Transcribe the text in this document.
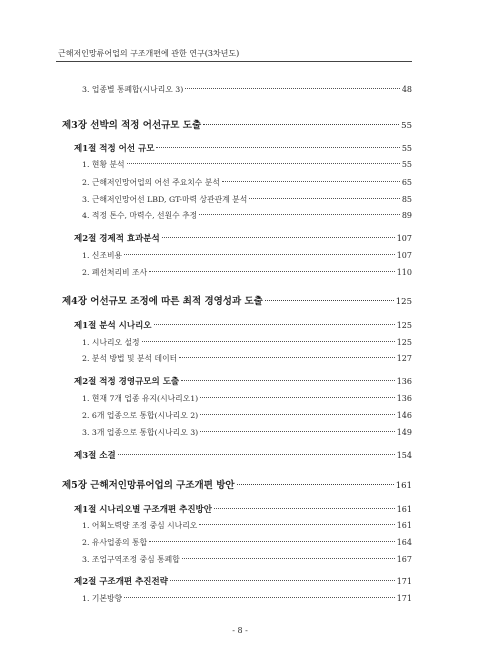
근해저인망류어업의 구조개편에 관한 연구(3차년도)
3. 업종별 통폐합(시나리오 3)	48
제3장 선박의 적정 어선규모 도출	55
제1절 적정 어선 규모	55
1. 현황 분석	55
2. 근해저인망어업의 어선 주요치수 분석	65
3. 근해저인망어선 LBD, GT-마력 상관관계 분석	85
4. 적정 톤수, 마력수, 선원수 추정	89
제2절 경제적 효과분석	107
1. 신조비용	107
2. 폐선처리비 조사	110
제4장 어선규모 조정에 따른 최적 경영성과 도출	125
제1절 분석 시나리오	125
1. 시나리오 설정	125
2. 분석 방법 및 분석 데이터	127
제2절 적정 경영규모의 도출	136
1. 현재 7개 업종 유지(시나리오1)	136
2. 6개 업종으로 통합(시나리오 2)	146
3. 3개 업종으로 통합(시나리오 3)	149
제3절 소결	154
제5장 근해저인망류어업의 구조개편 방안	161
제1절 시나리오별 구조개편 추진방안	161
1. 어획노력량 조정 중심 시나리오	161
2. 유사업종의 통합	164
3. 조업구역조정 중심 통폐합	167
제2절 구조개편 추진전략	171
1. 기본방향	171
- 8 -
